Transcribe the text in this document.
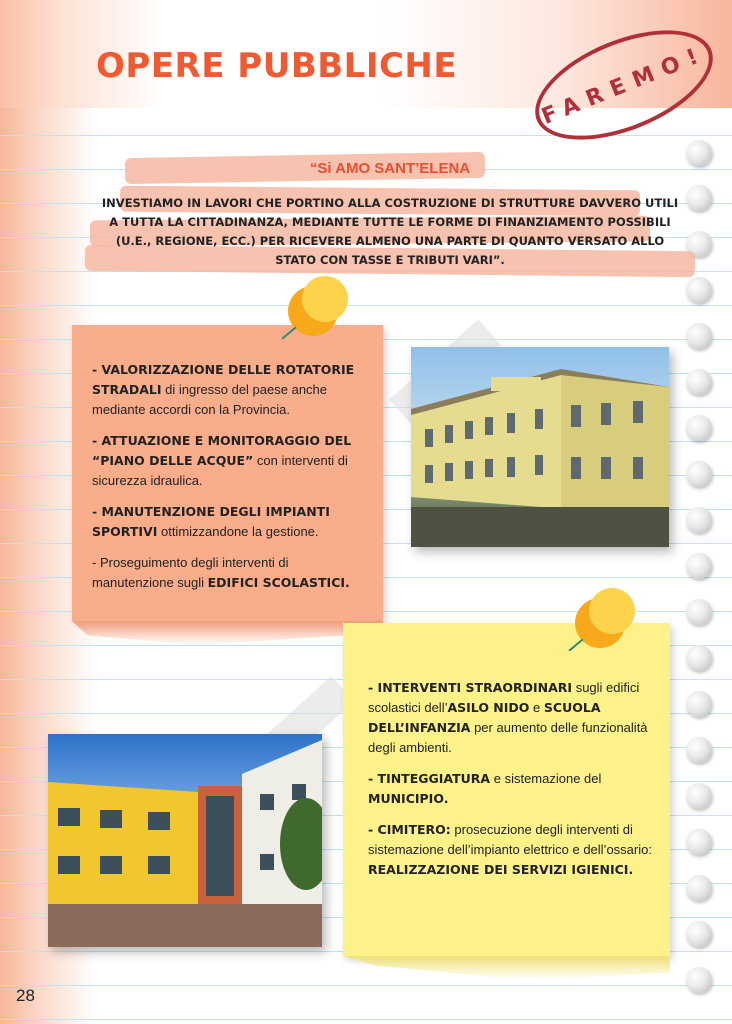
OPERE PUBBLICHE	FAREMO!

“Si AMO SANT’ELENA

INVESTIAMO IN LAVORI CHE PORTINO ALLA COSTRUZIONE DI STRUTTURE DAVVERO UTILI A TUTTA LA CITTADINANZA, MEDIANTE TUTTE LE FORME DI FINANZIAMENTO POSSIBILI (U.E., REGIONE, ECC.) PER RICEVERE ALMENO UNA PARTE DI QUANTO VERSATO ALLO STATO CON TASSE E TRIBUTI VARI”.

- VALORIZZAZIONE DELLE ROTATORIE STRADALI di ingresso del paese anche mediante accordi con la Provincia.
- ATTUAZIONE E MONITORAGGIO DEL “PIANO DELLE ACQUE” con interventi di sicurezza idraulica.
- MANUTENZIONE DEGLI IMPIANTI SPORTIVI ottimizzandone la gestione.
- Proseguimento degli interventi di manutenzione sugli EDIFICI SCOLASTICI.
- INTERVENTI STRAORDINARI sugli edifici scolastici dell’ASILO NIDO e SCUOLA DELL’INFANZIA per aumento delle funzionalità degli ambienti.
- TINTEGGIATURA e sistemazione del MUNICIPIO.
- CIMITERO: prosecuzione degli interventi di sistemazione dell’impianto elettrico e dell’ossario: REALIZZAZIONE DEI SERVIZI IGIENICI.

28
